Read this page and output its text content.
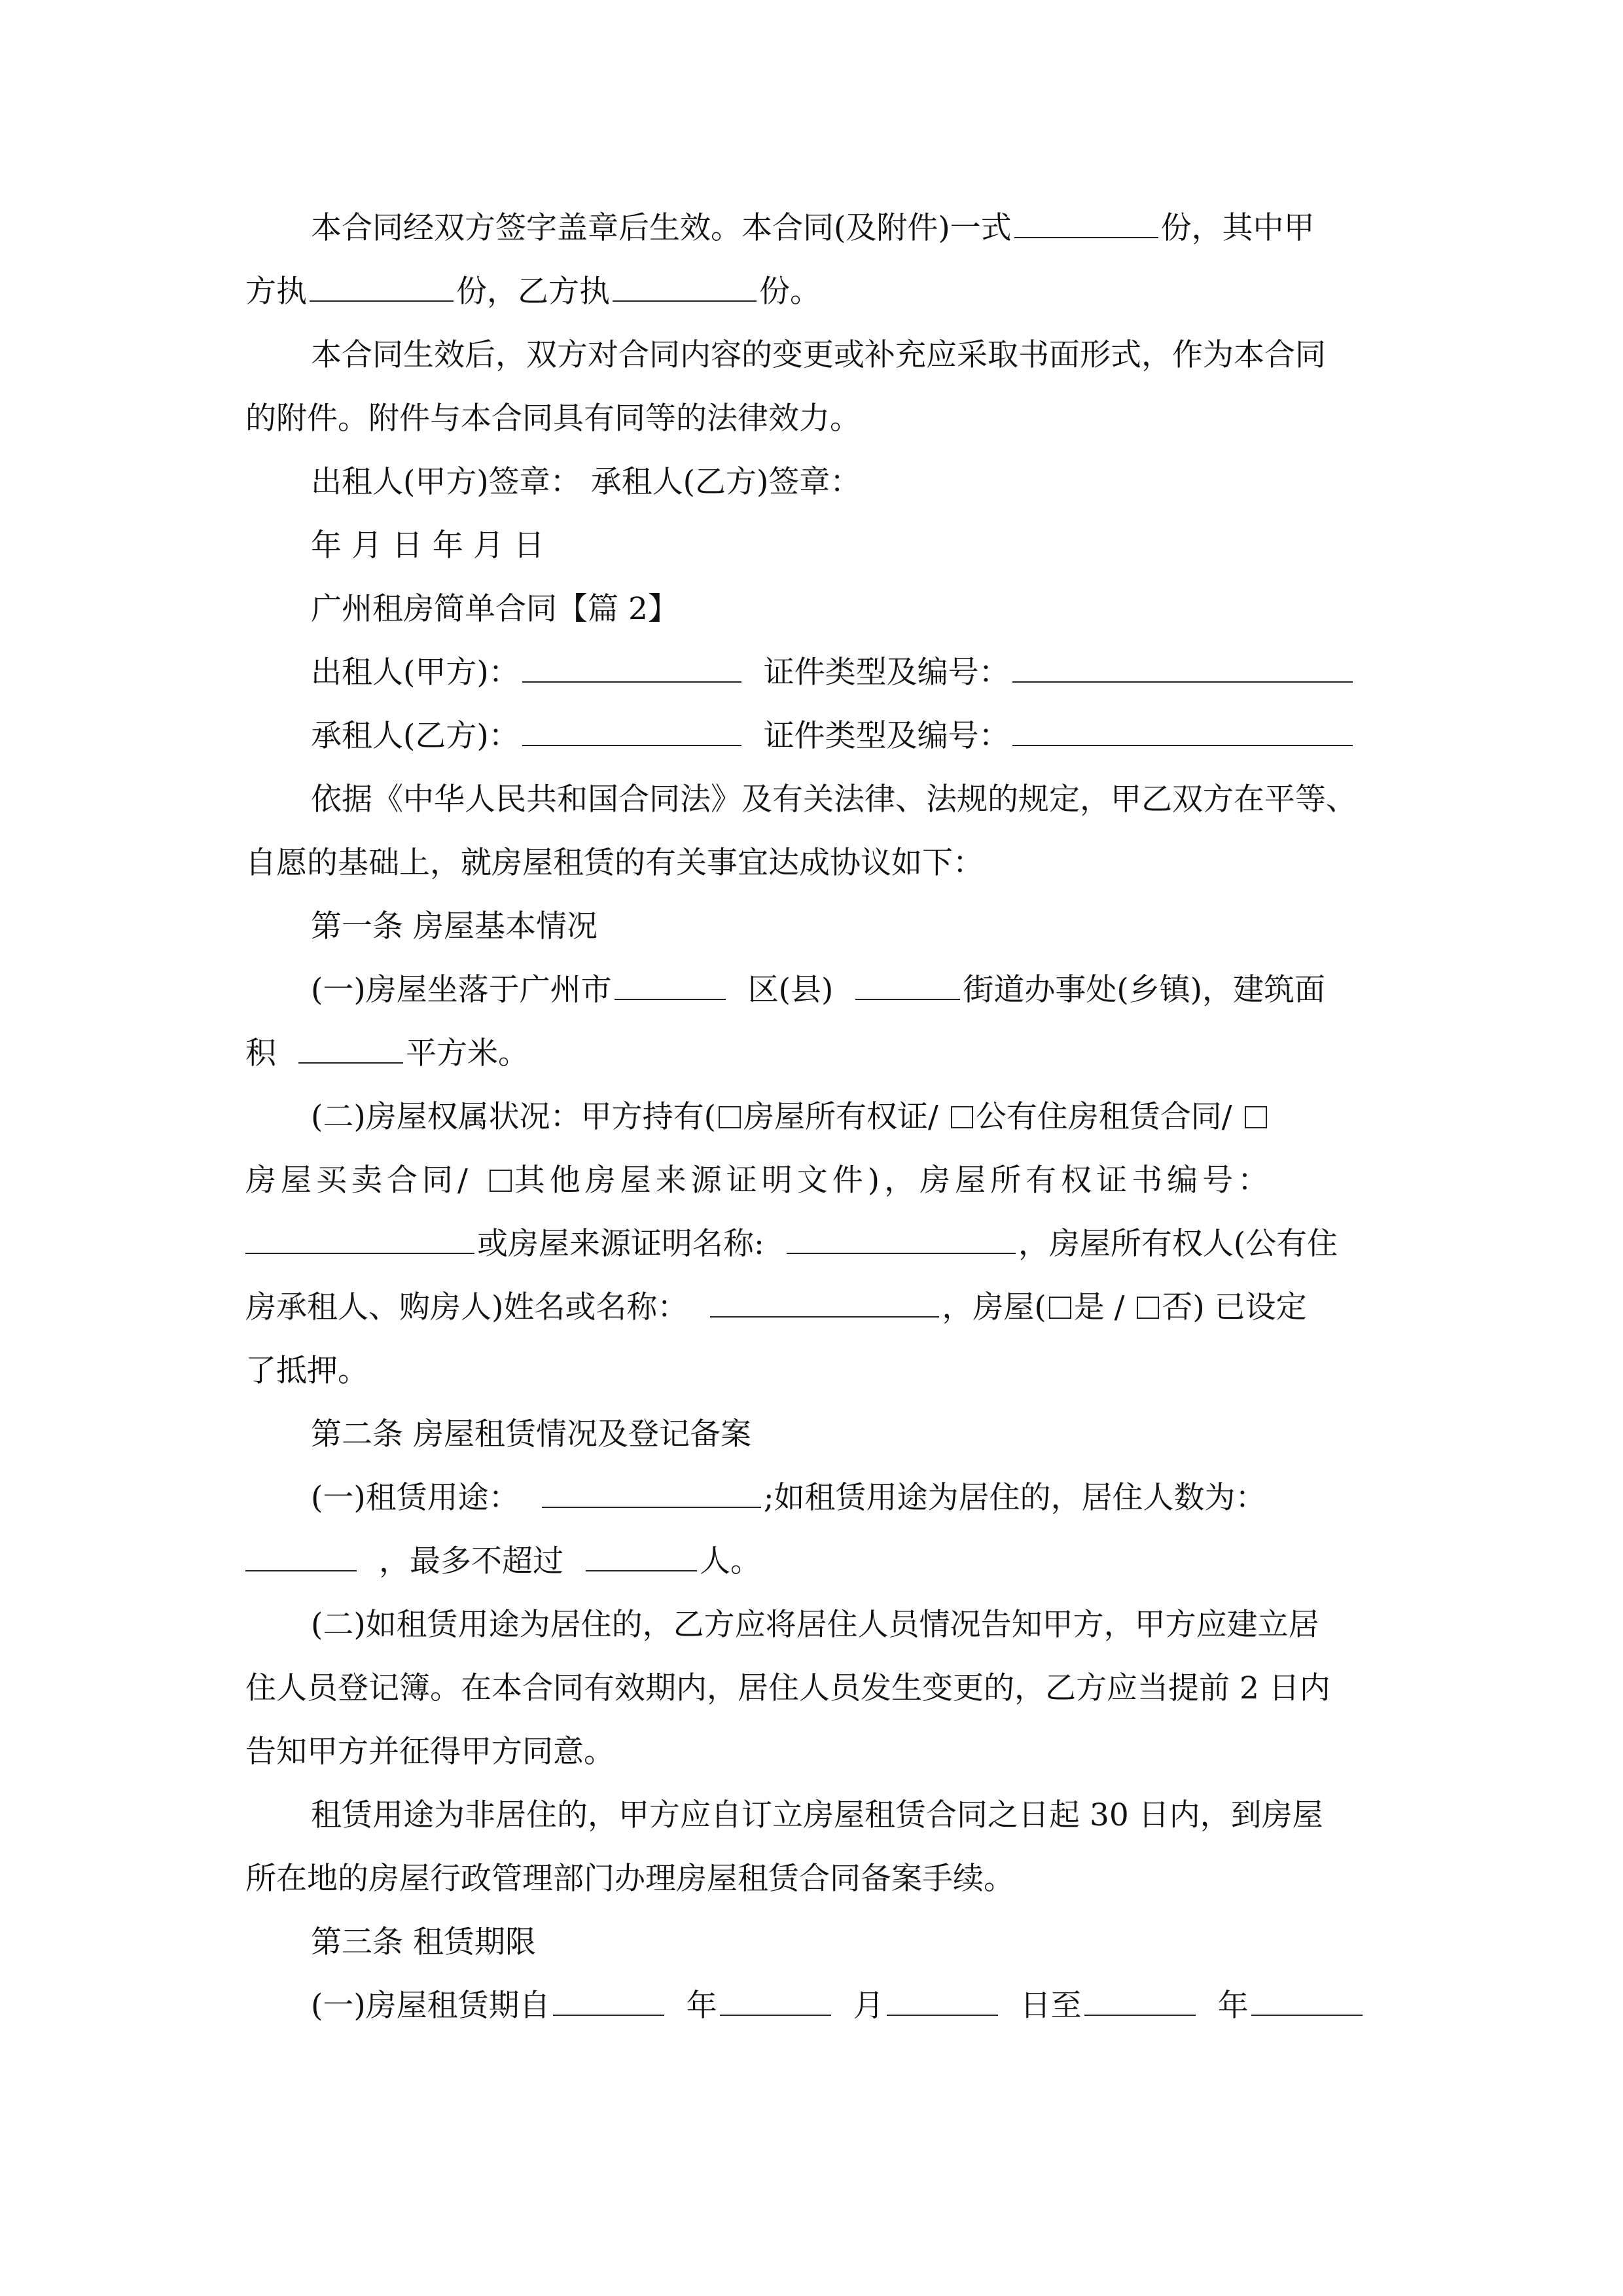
本合同经双方签字盖章后生效。本合同(及附件)一式	份，其中甲
方执	份，乙方执	份。
本合同生效后，双方对合同内容的变更或补充应采取书面形式，作为本合同
的附件。附件与本合同具有同等的法律效力。
出租人(甲方)签章： 承租人(乙方)签章：
年 月 日 年 月 日
广州租房简单合同【篇 2】
出租人(甲方)：	证件类型及编号：
承租人(乙方)：	证件类型及编号：
依据《中华人民共和国合同法》及有关法律、法规的规定，甲乙双方在平等、
自愿的基础上，就房屋租赁的有关事宜达成协议如下：
第一条 房屋基本情况
(一)房屋坐落于广州市	区(县)	街道办事处(乡镇)，建筑面
积	平方米。
(二)房屋权属状况：甲方持有( 房屋所有权证/ 公有住房租赁合同/
房屋买卖合同/ 其他房屋来源证明文件)，房屋所有权证书编号：
或房屋来源证明名称:	，房屋所有权人(公有住
房承租人、购房人)姓名或名称：	，房屋( 是 / 否) 已设定
了抵押。
第二条 房屋租赁情况及登记备案
(一)租赁用途：	;如租赁用途为居住的，居住人数为：
，最多不超过	人。
(二)如租赁用途为居住的，乙方应将居住人员情况告知甲方，甲方应建立居
住人员登记簿。在本合同有效期内，居住人员发生变更的，乙方应当提前 2 日内
告知甲方并征得甲方同意。
租赁用途为非居住的，甲方应自订立房屋租赁合同之日起 30 日内，到房屋
所在地的房屋行政管理部门办理房屋租赁合同备案手续。
第三条 租赁期限
(一)房屋租赁期自	年	月	日至	年
